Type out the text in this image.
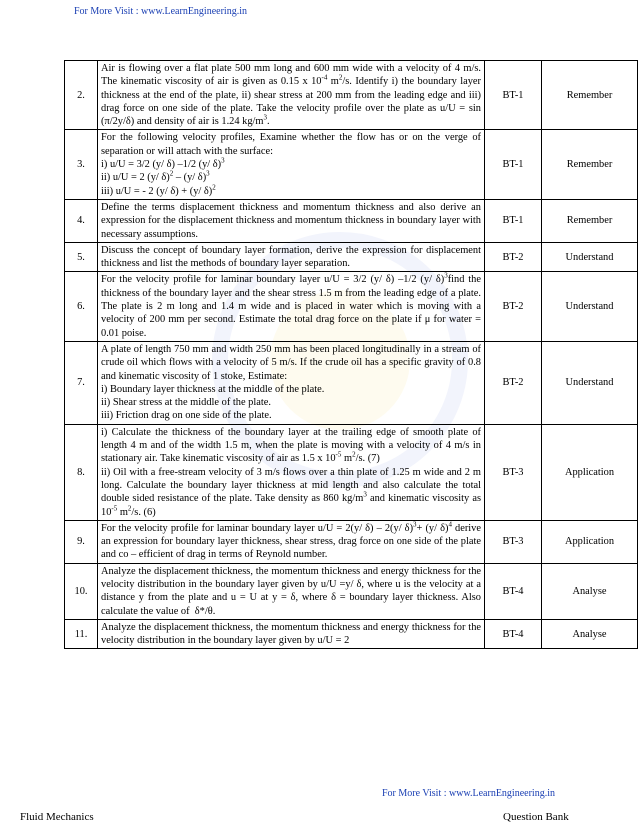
For More Visit : www.LearnEngineering.in
2.	Air is flowing over a flat plate 500 mm long and 600 mm wide with a velocity of 4 m/s. The kinematic viscosity of air is given as 0.15 x $10^{-4}$ $m^2/s$. Identify i) the boundary layer thickness at the end of the plate, ii) shear stress at 200 mm from the leading edge and iii) drag force on one side of the plate. Take the velocity profile over the plate as u/U = sin (π/2y/δ) and density of air is 1.24 $kg/m^3$.	BT-1	Remember
3.	For the following velocity profiles, Examine whether the flow has or on the verge of separation or will attach with the surface:
i) u/U = 3/2 (y/ δ) –1/2 (y/ δ)$^3$
ii) u/U = 2 (y/ δ)$^2$ – (y/ δ)$^3$
iii) u/U = - 2 (y/ δ) + (y/ δ)$^2$	BT-1	Remember
4.	Define the terms displacement thickness and momentum thickness and also derive an expression for the displacement thickness and momentum thickness in boundary layer with necessary assumptions.	BT-1	Remember
5.	Discuss the concept of boundary layer formation, derive the expression for displacement thickness and list the methods of boundary layer separation.	BT-2	Understand
6.	For the velocity profile for laminar boundary layer u/U = 3/2 (y/ δ) –1/2 (y/ δ)$^3$find the thickness of the boundary layer and the shear stress 1.5 m from the leading edge of a plate. The plate is 2 m long and 1.4 m wide and is placed in water which is moving with a velocity of 200 mm per second. Estimate the total drag force on the plate if μ for water = 0.01 poise.	BT-2	Understand
7.	A plate of length 750 mm and width 250 mm has been placed longitudinally in a stream of crude oil which flows with a velocity of 5 m/s. If the crude oil has a specific gravity of 0.8 and kinematic viscosity of 1 stoke, Estimate:
i) Boundary layer thickness at the middle of the plate.
ii) Shear stress at the middle of the plate.
iii) Friction drag on one side of the plate.	BT-2	Understand
8.	i) Calculate the thickness of the boundary layer at the trailing edge of smooth plate of length 4 m and of the width 1.5 m, when the plate is moving with a velocity of 4 m/s in stationary air. Take kinematic viscosity of air as 1.5 x $10^{-5}$ $m^2/s$. (7)
ii) Oil with a free-stream velocity of 3 m/s flows over a thin plate of 1.25 m wide and 2 m long. Calculate the boundary layer thickness at mid length and also calculate the total double sided resistance of the plate. Take density as 860 $kg/m^3$ and kinematic viscosity as $10^{-5}$ $m^2/s$. (6)	BT-3	Application
9.	For the velocity profile for laminar boundary layer u/U = 2(y/ δ) – 2(y/ δ)$^3$+ (y/ δ)$^4$ derive an expression for boundary layer thickness, shear stress, drag force on one side of the plate and co – efficient of drag in terms of Reynold number.	BT-3	Application
10.	Analyze the displacement thickness, the momentum thickness and energy thickness for the velocity distribution in the boundary layer given by u/U =y/ δ, where u is the velocity at a distance y from the plate and u = U at y = δ, where δ = boundary layer thickness. Also calculate the value of  δ*/θ.	BT-4	Analyse
11.	Analyze the displacement thickness, the momentum thickness and energy thickness for the velocity distribution in the boundary layer given by u/U = 2	BT-4	Analyse
For More Visit : www.LearnEngineering.in
Fluid Mechanics	Question Bank
